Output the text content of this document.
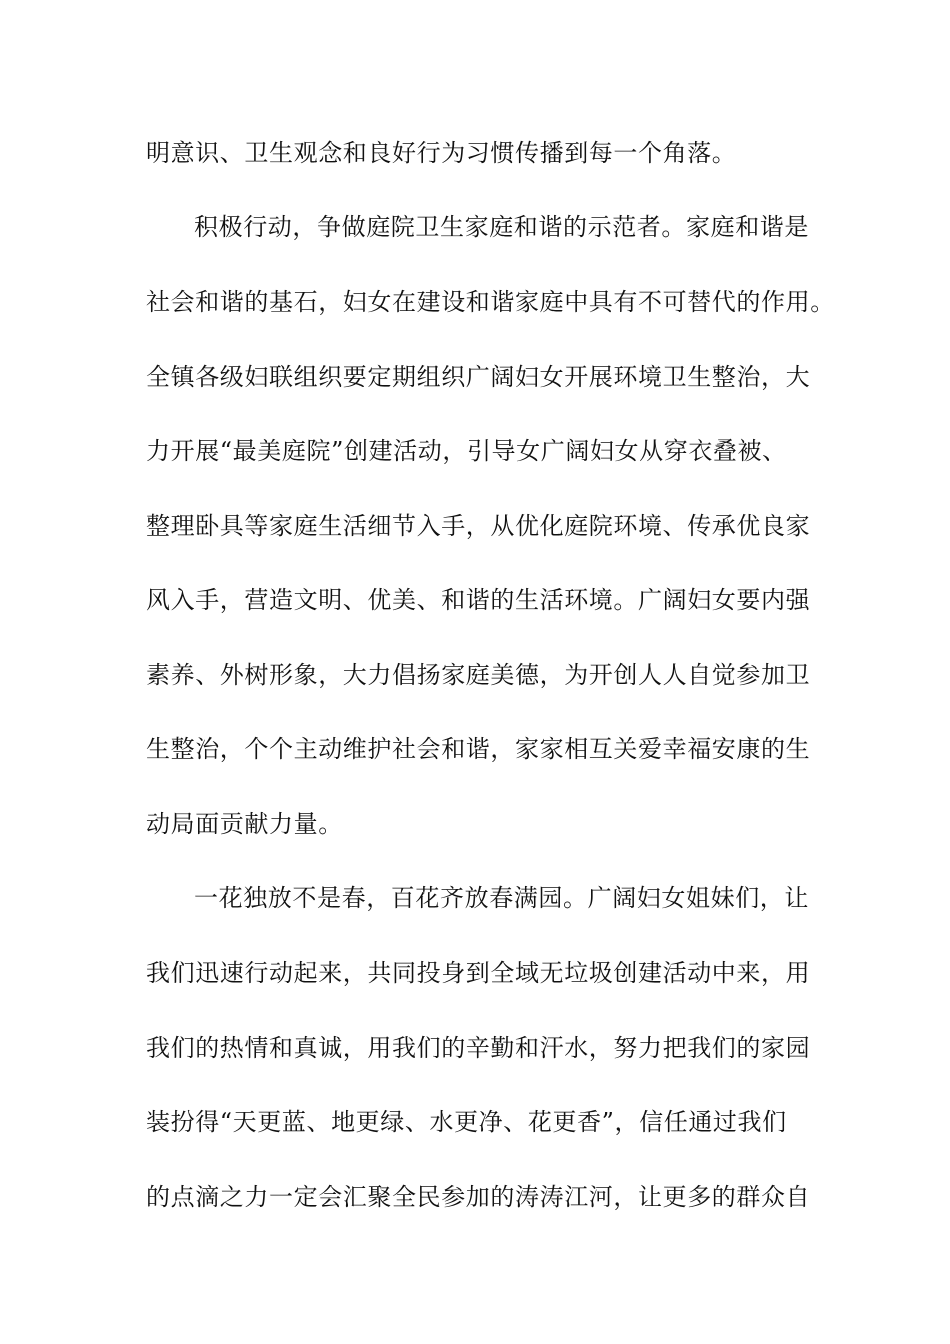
明意识、卫生观念和良好行为习惯传播到每一个角落。
积极行动，争做庭院卫生家庭和谐的示范者。家庭和谐是
社会和谐的基石，妇女在建设和谐家庭中具有不可替代的作用。
全镇各级妇联组织要定期组织广阔妇女开展环境卫生整治，大
力开展“最美庭院”创建活动，引导女广阔妇女从穿衣叠被、
整理卧具等家庭生活细节入手，从优化庭院环境、传承优良家
风入手，营造文明、优美、和谐的生活环境。广阔妇女要内强
素养、外树形象，大力倡扬家庭美德，为开创人人自觉参加卫
生整治，个个主动维护社会和谐，家家相互关爱幸福安康的生
动局面贡献力量。
一花独放不是春，百花齐放春满园。广阔妇女姐妹们，让
我们迅速行动起来，共同投身到全域无垃圾创建活动中来，用
我们的热情和真诚，用我们的辛勤和汗水，努力把我们的家园
装扮得“天更蓝、地更绿、水更净、花更香”，信任通过我们
的点滴之力一定会汇聚全民参加的涛涛江河，让更多的群众自
